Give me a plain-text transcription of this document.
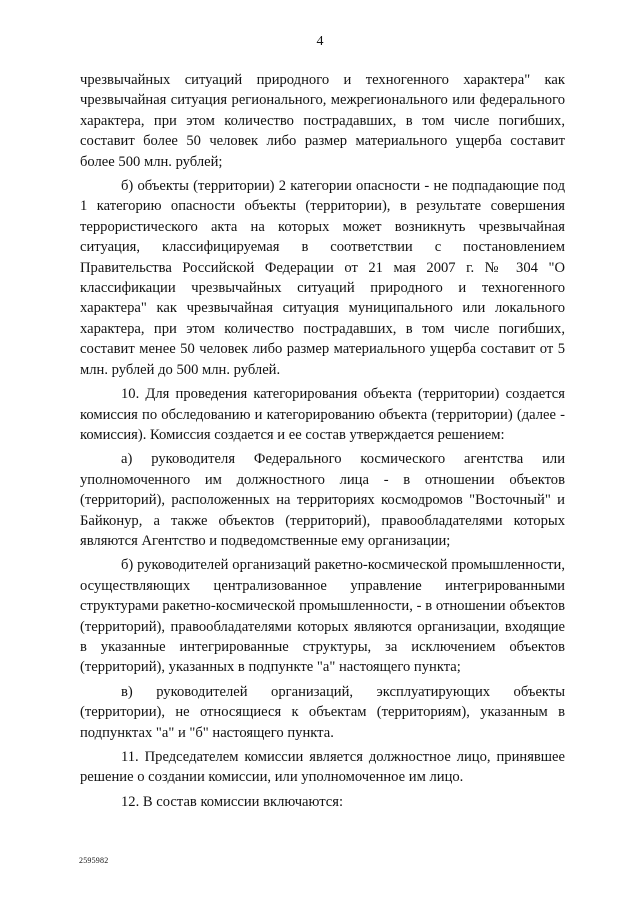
4

чрезвычайных ситуаций природного и техногенного характера" как чрезвычайная ситуация регионального, межрегионального или федерального характера, при этом количество пострадавших, в том числе погибших, составит более 50 человек либо размер материального ущерба составит более 500 млн. рублей;

б) объекты (территории) 2 категории опасности - не подпадающие под 1 категорию опасности объекты (территории), в результате совершения террористического акта на которых может возникнуть чрезвычайная ситуация, классифицируемая в соответствии с постановлением Правительства Российской Федерации от 21 мая 2007 г. № 304 "О классификации чрезвычайных ситуаций природного и техногенного характера" как чрезвычайная ситуация муниципального или локального характера, при этом количество пострадавших, в том числе погибших, составит менее 50 человек либо размер материального ущерба составит от 5 млн. рублей до 500 млн. рублей.

10. Для проведения категорирования объекта (территории) создается комиссия по обследованию и категорированию объекта (территории) (далее - комиссия). Комиссия создается и ее состав утверждается решением:

а) руководителя Федерального космического агентства или уполномоченного им должностного лица - в отношении объектов (территорий), расположенных на территориях космодромов "Восточный" и Байконур, а также объектов (территорий), правообладателями которых являются Агентство и подведомственные ему организации;

б) руководителей организаций ракетно-космической промышленности, осуществляющих централизованное управление интегрированными структурами ракетно-космической промышленности, - в отношении объектов (территорий), правообладателями которых являются организации, входящие в указанные интегрированные структуры, за исключением объектов (территорий), указанных в подпункте "а" настоящего пункта;

в) руководителей организаций, эксплуатирующих объекты (территории), не относящиеся к объектам (территориям), указанным в подпунктах "а" и "б" настоящего пункта.

11. Председателем комиссии является должностное лицо, принявшее решение о создании комиссии, или уполномоченное им лицо.

12. В состав комиссии включаются:

2595982
